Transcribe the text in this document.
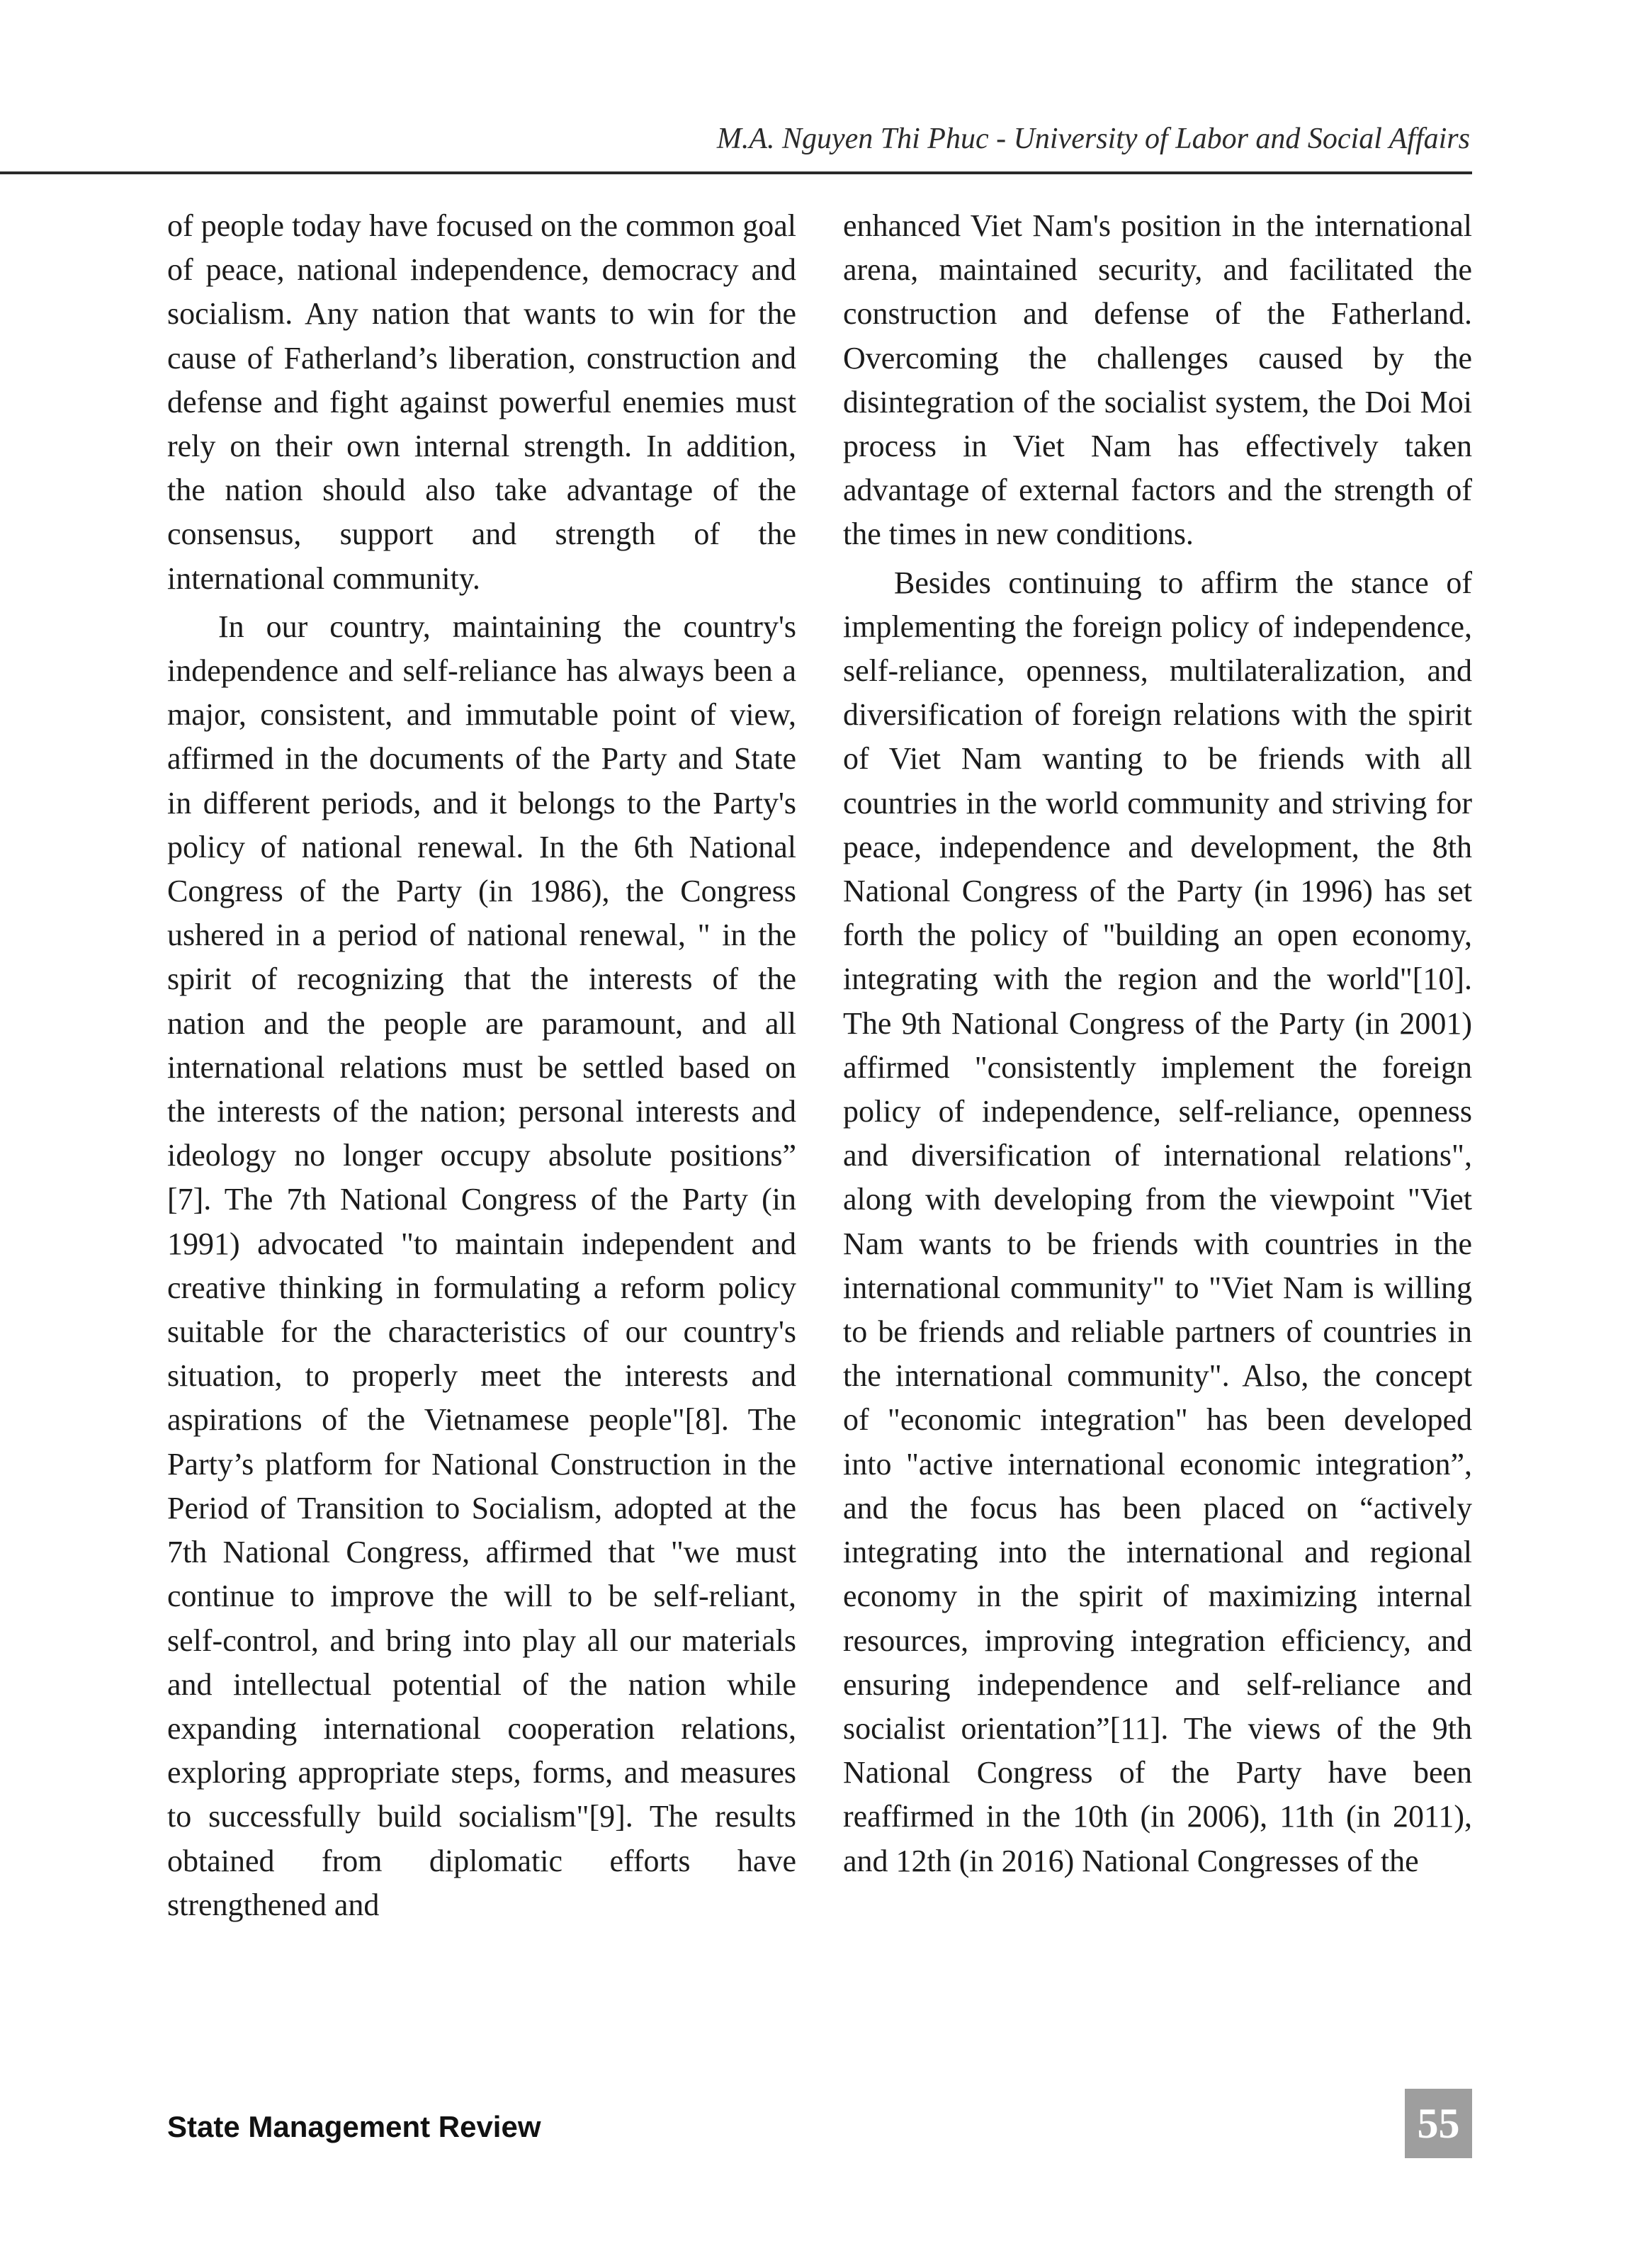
M.A. Nguyen Thi Phuc - University of Labor and Social Affairs

of people today have focused on the common goal of peace, national independence, democracy and socialism. Any nation that wants to win for the cause of Fatherland’s liberation, construction and defense and fight against powerful enemies must rely on their own internal strength. In addition, the nation should also take advantage of the consensus, support and strength of the international community.

In our country, maintaining the country's independence and self-reliance has always been a major, consistent, and immutable point of view, affirmed in the documents of the Party and State in different periods, and it belongs to the Party's policy of national renewal. In the 6th National Congress of the Party (in 1986), the Congress ushered in a period of national renewal, " in the spirit of recognizing that the interests of the nation and the people are paramount, and all international relations must be settled based on the interests of the nation; personal interests and ideology no longer occupy absolute positions” [7]. The 7th National Congress of the Party (in 1991) advocated "to maintain independent and creative thinking in formulating a reform policy suitable for the characteristics of our country's situation, to properly meet the interests and aspirations of the Vietnamese people"[8]. The Party’s platform for National Construction in the Period of Transition to Socialism, adopted at the 7th National Congress, affirmed that "we must continue to improve the will to be self-reliant, self-control, and bring into play all our materials and intellectual potential of the nation while expanding international cooperation relations, exploring appropriate steps, forms, and measures to successfully build socialism"[9]. The results obtained from diplomatic efforts have strengthened and

enhanced Viet Nam's position in the international arena, maintained security, and facilitated the construction and defense of the Fatherland. Overcoming the challenges caused by the disintegration of the socialist system, the Doi Moi process in Viet Nam has effectively taken advantage of external factors and the strength of the times in new conditions.

Besides continuing to affirm the stance of implementing the foreign policy of independence, self-reliance, openness, multilateralization, and diversification of foreign relations with the spirit of Viet Nam wanting to be friends with all countries in the world community and striving for peace, independence and development, the 8th National Congress of the Party (in 1996) has set forth the policy of "building an open economy, integrating with the region and the world"[10]. The 9th National Congress of the Party (in 2001) affirmed "consistently implement the foreign policy of independence, self-reliance, openness and diversification of international relations", along with developing from the viewpoint "Viet Nam wants to be friends with countries in the international community" to "Viet Nam is willing to be friends and reliable partners of countries in the international community". Also, the concept of "economic integration" has been developed into "active international economic integration”, and the focus has been placed on “actively integrating into the international and regional economy in the spirit of maximizing internal resources, improving integration efficiency, and ensuring independence and self-reliance and socialist orientation”[11]. The views of the 9th National Congress of the Party have been reaffirmed in the 10th (in 2006), 11th (in 2011), and 12th (in 2016) National Congresses of the

State Management Review	55
